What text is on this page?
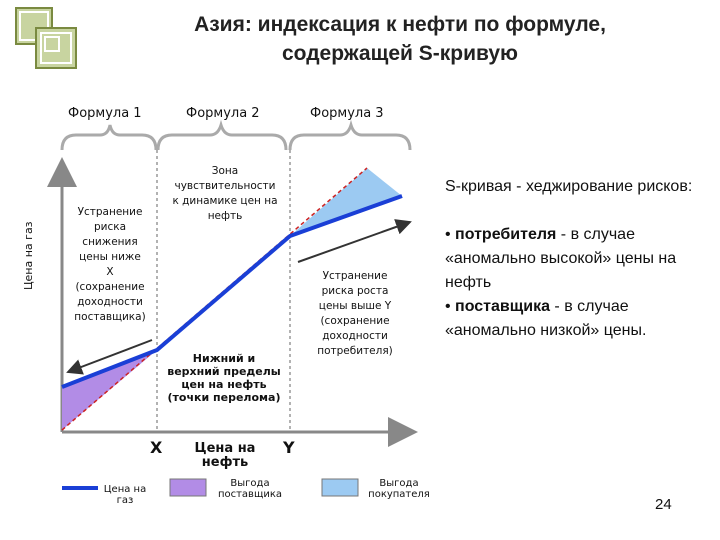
Азия: индексация к нефти по формуле,
содержащей S-кривую
Формула 1	Формула 2	Формула 3
Цена на газ
Зона
чувствительности
к динамике цен на
нефть
Устранение
риска
снижения
цены ниже
X
(сохранение
доходности
поставщика)
Устранение
риска роста
цены выше Y
(сохранение
доходности
потребителя)
Нижний и
верхний пределы
цен на нефть
(точки перелома)
X	Y
Цена на
нефть
S-кривая - хеджирование рисков:
• потребителя - в случае «аномально высокой» цены на нефть
• поставщика - в случае «аномально низкой» цены.
Цена на
газ
Выгода
поставщика
Выгода
покупателя
24
